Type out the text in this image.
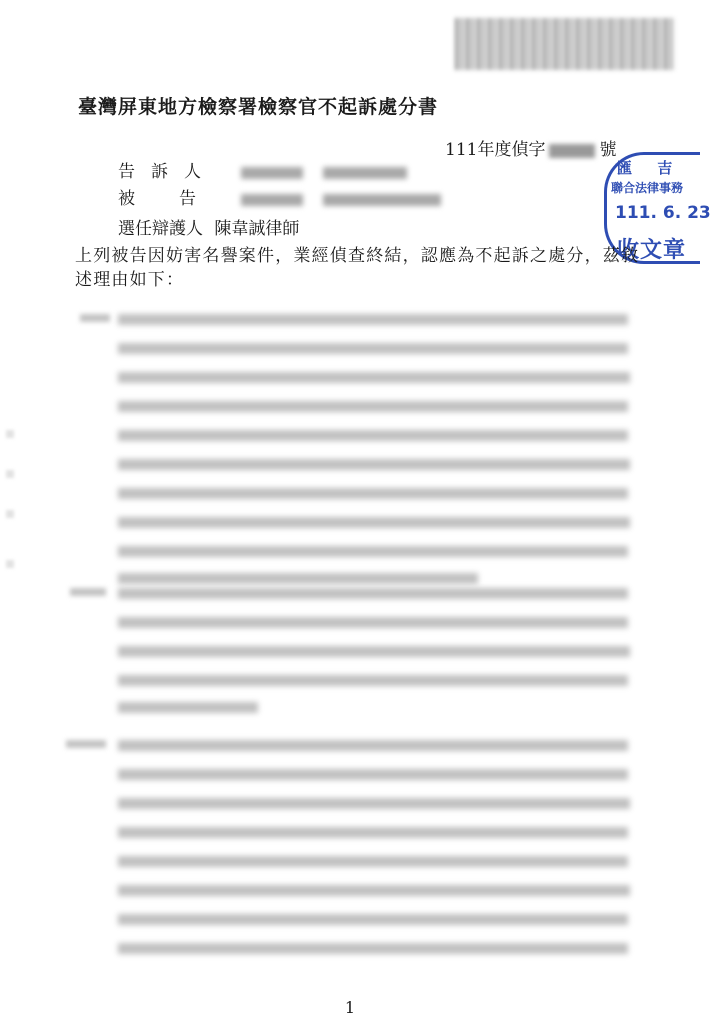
臺灣屏東地方檢察署檢察官不起訴處分書
111年度偵字	號
匯 吉
聯合法律事務
111. 6. 23
收文章
告訴人
被告
選任辯護人 陳韋誠律師
上列被告因妨害名譽案件，業經偵查終結，認應為不起訴之處分，茲敘述理由如下：
1
